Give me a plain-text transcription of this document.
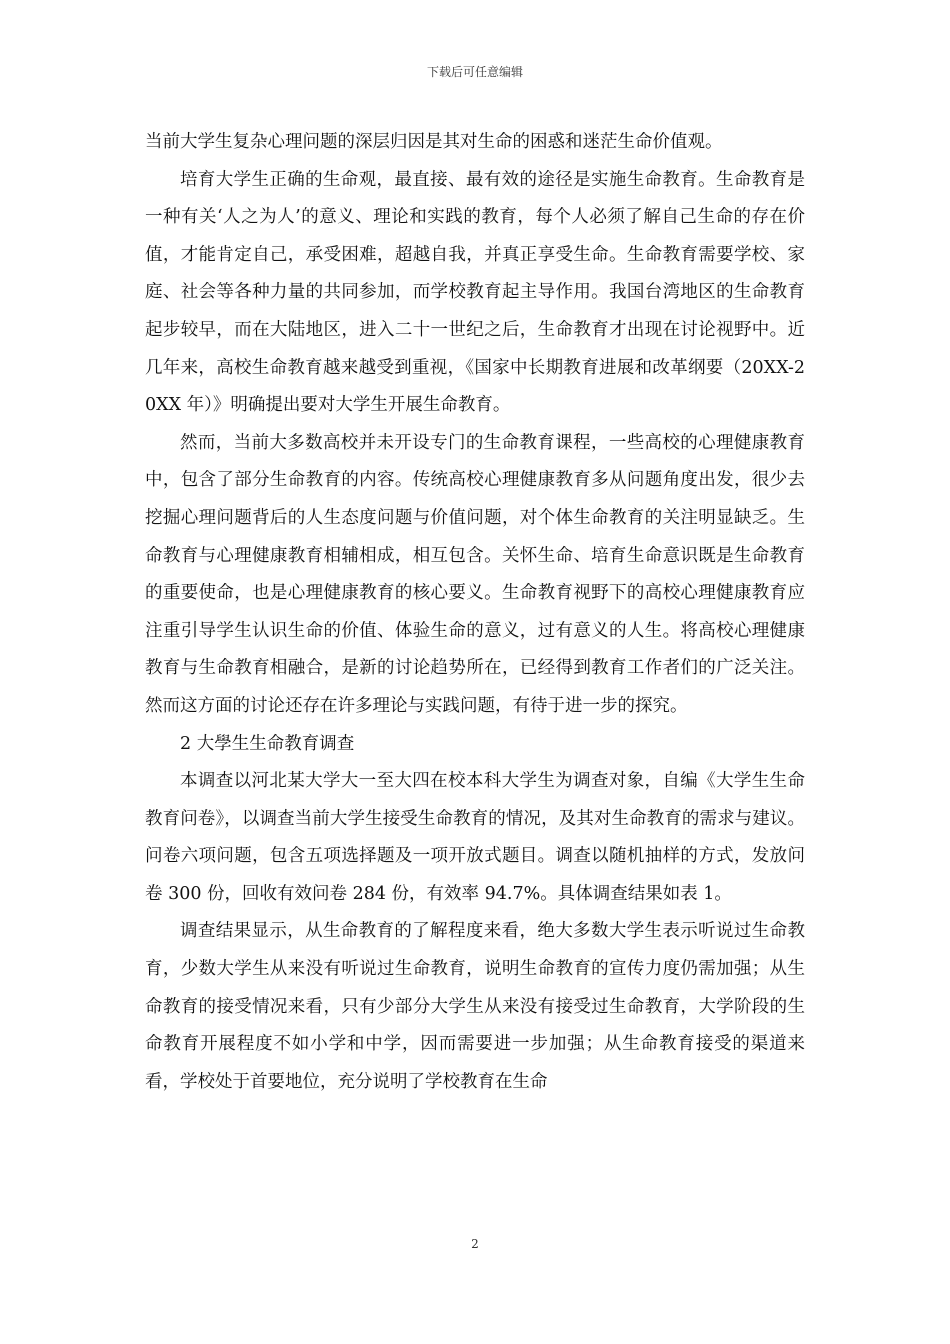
下载后可任意编辑

当前大学生复杂心理问题的深层归因是其对生命的困惑和迷茫生命价值观。

培育大学生正确的生命观，最直接、最有效的途径是实施生命教育。生命教育是一种有关‘人之为人’的意义、理论和实践的教育，每个人必须了解自己生命的存在价值，才能肯定自己，承受困难，超越自我，并真正享受生命。生命教育需要学校、家庭、社会等各种力量的共同参加，而学校教育起主导作用。我国台湾地区的生命教育起步较早，而在大陆地区，进入二十一世纪之后，生命教育才出现在讨论视野中。近几年来，高校生命教育越来越受到重视，《国家中长期教育进展和改革纲要（20XX-20XX 年）》明确提出要对大学生开展生命教育。

然而，当前大多数高校并未开设专门的生命教育课程，一些高校的心理健康教育中，包含了部分生命教育的内容。传统高校心理健康教育多从问题角度出发，很少去挖掘心理问题背后的人生态度问题与价值问题，对个体生命教育的关注明显缺乏。生命教育与心理健康教育相辅相成，相互包含。关怀生命、培育生命意识既是生命教育的重要使命，也是心理健康教育的核心要义。生命教育视野下的高校心理健康教育应注重引导学生认识生命的价值、体验生命的意义，过有意义的人生。将高校心理健康教育与生命教育相融合，是新的讨论趋势所在，已经得到教育工作者们的广泛关注。然而这方面的讨论还存在许多理论与实践问题，有待于进一步的探究。

2 大學生生命教育调查

本调查以河北某大学大一至大四在校本科大学生为调查对象，自编《大学生生命教育问卷》，以调查当前大学生接受生命教育的情况，及其对生命教育的需求与建议。问卷六项问题，包含五项选择题及一项开放式题目。调查以随机抽样的方式，发放问卷 300 份，回收有效问卷 284 份，有效率 94.7%。具体调查结果如表 1。

调查结果显示，从生命教育的了解程度来看，绝大多数大学生表示听说过生命教育，少数大学生从来没有听说过生命教育，说明生命教育的宣传力度仍需加强；从生命教育的接受情况来看，只有少部分大学生从来没有接受过生命教育，大学阶段的生命教育开展程度不如小学和中学，因而需要进一步加强；从生命教育接受的渠道来看，学校处于首要地位，充分说明了学校教育在生命

2
